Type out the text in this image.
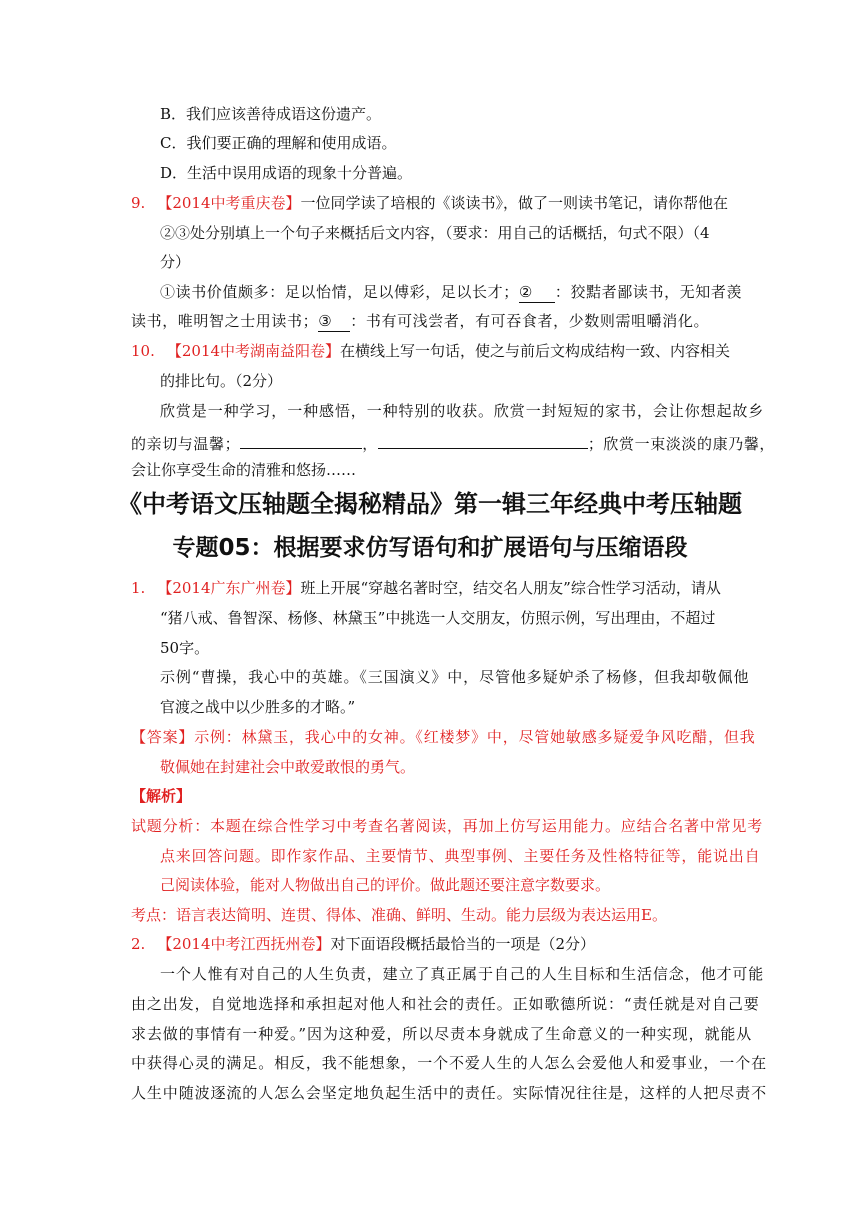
B．我们应该善待成语这份遗产。
C．我们要正确的理解和使用成语。
D．生活中误用成语的现象十分普遍。
9. 【2014中考重庆卷】一位同学读了培根的《谈读书》，做了一则读书笔记，请你帮他在
②③处分别填上一个句子来概括后文内容，（要求：用自己的话概括，句式不限）（4
分）
①读书价值颇多：足以怡情，足以傅彩，足以长才；② ：狡黠者鄙读书，无知者羡
读书，唯明智之士用读书；③ ：书有可浅尝者，有可吞食者，少数则需咀嚼消化。
10. 【2014中考湖南益阳卷】在横线上写一句话，使之与前后文构成结构一致、内容相关
的排比句。（2分）
欣赏是一种学习，一种感悟，一种特别的收获。欣赏一封短短的家书，会让你想起故乡
的亲切与温馨；	，	；欣赏一束淡淡的康乃馨，
会让你享受生命的清雅和悠扬……
《中考语文压轴题全揭秘精品》第一辑三年经典中考压轴题
专题05：根据要求仿写语句和扩展语句与压缩语段
1. 【2014广东广州卷】班上开展“穿越名著时空，结交名人朋友”综合性学习活动，请从
“猪八戒、鲁智深、杨修、林黛玉”中挑选一人交朋友，仿照示例，写出理由，不超过
50字。
示例“曹操，我心中的英雄。《三国演义》中，尽管他多疑妒杀了杨修，但我却敬佩他
官渡之战中以少胜多的才略。”
【答案】示例：林黛玉，我心中的女神。《红楼梦》中，尽管她敏感多疑爱争风吃醋，但我
敬佩她在封建社会中敢爱敢恨的勇气。
【解析】
试题分析：本题在综合性学习中考查名著阅读，再加上仿写运用能力。应结合名著中常见考
点来回答问题。即作家作品、主要情节、典型事例、主要任务及性格特征等，能说出自
己阅读体验，能对人物做出自己的评价。做此题还要注意字数要求。
考点：语言表达简明、连贯、得体、准确、鲜明、生动。能力层级为表达运用E。
2. 【2014中考江西抚州卷】对下面语段概括最恰当的一项是（2分）
一个人惟有对自己的人生负责，建立了真正属于自己的人生目标和生活信念，他才可能
由之出发，自觉地选择和承担起对他人和社会的责任。正如歌德所说：“责任就是对自己要
求去做的事情有一种爱。”因为这种爱，所以尽责本身就成了生命意义的一种实现，就能从
中获得心灵的满足。相反，我不能想象，一个不爱人生的人怎么会爱他人和爱事业，一个在
人生中随波逐流的人怎么会坚定地负起生活中的责任。实际情况往往是，这样的人把尽责不
